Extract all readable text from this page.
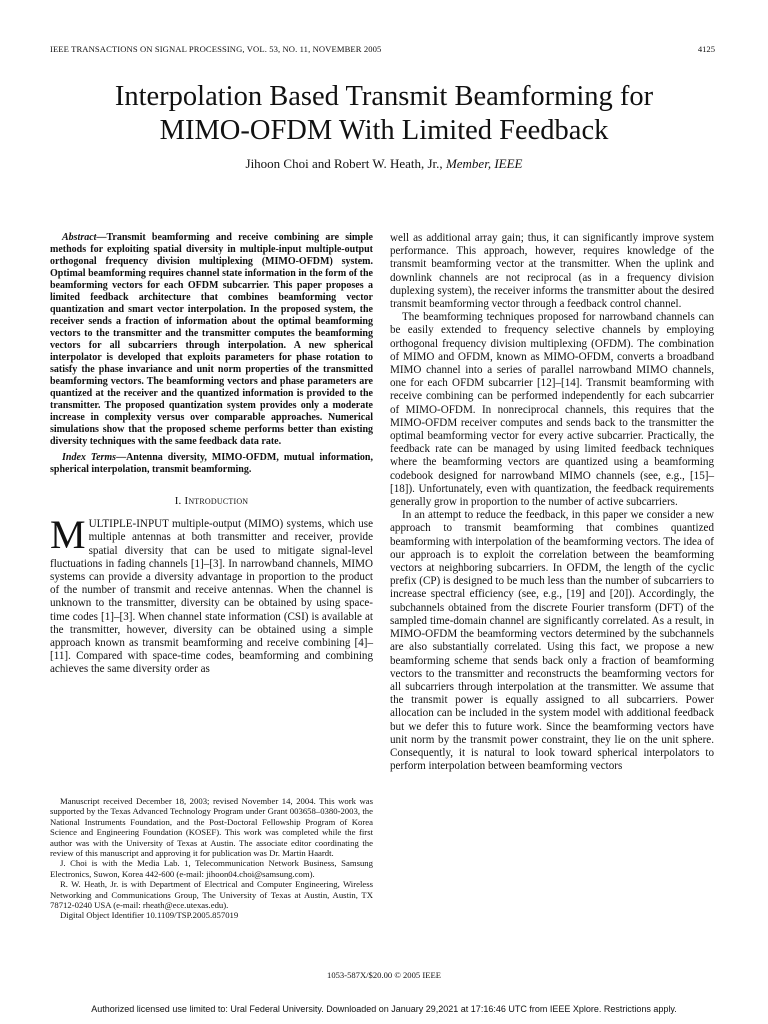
IEEE TRANSACTIONS ON SIGNAL PROCESSING, VOL. 53, NO. 11, NOVEMBER 2005	4125
Interpolation Based Transmit Beamforming for
MIMO-OFDM With Limited Feedback
Jihoon Choi and Robert W. Heath, Jr., Member, IEEE

Abstract—Transmit beamforming and receive combining are simple methods for exploiting spatial diversity in multiple-input multiple-output orthogonal frequency division multiplexing (MIMO-OFDM) system. Optimal beamforming requires channel state information in the form of the beamforming vectors for each OFDM subcarrier. This paper proposes a limited feedback architecture that combines beamforming vector quantization and smart vector interpolation. In the proposed system, the receiver sends a fraction of information about the optimal beamforming vectors to the transmitter and the transmitter computes the beamforming vectors for all subcarriers through interpolation. A new spherical interpolator is developed that exploits parameters for phase rotation to satisfy the phase invariance and unit norm properties of the transmitted beamforming vectors. The beamforming vectors and phase parameters are quantized at the receiver and the quantized information is provided to the transmitter. The proposed quantization system provides only a moderate increase in complexity versus over comparable approaches. Numerical simulations show that the proposed scheme performs better than existing diversity techniques with the same feedback data rate.

Index Terms—Antenna diversity, MIMO-OFDM, mutual information, spherical interpolation, transmit beamforming.

I. Introduction

MULTIPLE-INPUT multiple-output (MIMO) systems, which use multiple antennas at both transmitter and receiver, provide spatial diversity that can be used to mitigate signal-level fluctuations in fading channels [1]–[3]. In narrowband channels, MIMO systems can provide a diversity advantage in proportion to the product of the number of transmit and receive antennas. When the channel is unknown to the transmitter, diversity can be obtained by using space-time codes [1]–[3]. When channel state information (CSI) is available at the transmitter, however, diversity can be obtained using a simple approach known as transmit beamforming and receive combining [4]–[11]. Compared with space-time codes, beamforming and combining achieves the same diversity order as

well as additional array gain; thus, it can significantly improve system performance. This approach, however, requires knowledge of the transmit beamforming vector at the transmitter. When the uplink and downlink channels are not reciprocal (as in a frequency division duplexing system), the receiver informs the transmitter about the desired transmit beamforming vector through a feedback control channel.

The beamforming techniques proposed for narrowband channels can be easily extended to frequency selective channels by employing orthogonal frequency division multiplexing (OFDM). The combination of MIMO and OFDM, known as MIMO-OFDM, converts a broadband MIMO channel into a series of parallel narrowband MIMO channels, one for each OFDM subcarrier [12]–[14]. Transmit beamforming with receive combining can be performed independently for each subcarrier of MIMO-OFDM. In nonreciprocal channels, this requires that the MIMO-OFDM receiver computes and sends back to the transmitter the optimal beamforming vector for every active subcarrier. Practically, the feedback rate can be managed by using limited feedback techniques where the beamforming vectors are quantized using a beamforming codebook designed for narrowband MIMO channels (see, e.g., [15]–[18]). Unfortunately, even with quantization, the feedback requirements generally grow in proportion to the number of active subcarriers.

In an attempt to reduce the feedback, in this paper we consider a new approach to transmit beamforming that combines quantized beamforming with interpolation of the beamforming vectors. The idea of our approach is to exploit the correlation between the beamforming vectors at neighboring subcarriers. In OFDM, the length of the cyclic prefix (CP) is designed to be much less than the number of subcarriers to increase spectral efficiency (see, e.g., [19] and [20]). Accordingly, the subchannels obtained from the discrete Fourier transform (DFT) of the sampled time-domain channel are significantly correlated. As a result, in MIMO-OFDM the beamforming vectors determined by the subchannels are also substantially correlated. Using this fact, we propose a new beamforming scheme that sends back only a fraction of beamforming vectors to the transmitter and reconstructs the beamforming vectors for all subcarriers through interpolation at the transmitter. We assume that the transmit power is equally assigned to all subcarriers. Power allocation can be included in the system model with additional feedback but we defer this to future work. Since the beamforming vectors have unit norm by the transmit power constraint, they lie on the unit sphere. Consequently, it is natural to look toward spherical interpolators to perform interpolation between beamforming vectors

Manuscript received December 18, 2003; revised November 14, 2004. This work was supported by the Texas Advanced Technology Program under Grant 003658–0380-2003, the National Instruments Foundation, and the Post-Doctoral Fellowship Program of Korea Science and Engineering Foundation (KOSEF). This work was completed while the first author was with the University of Texas at Austin. The associate editor coordinating the review of this manuscript and approving it for publication was Dr. Martin Haardt.

J. Choi is with the Media Lab. 1, Telecommunication Network Business, Samsung Electronics, Suwon, Korea 442-600 (e-mail: jihoon04.choi@samsung.com).

R. W. Heath, Jr. is with Department of Electrical and Computer Engineering, Wireless Networking and Communications Group, The University of Texas at Austin, Austin, TX 78712-0240 USA (e-mail: rheath@ece.utexas.edu).

Digital Object Identifier 10.1109/TSP.2005.857019

1053-587X/$20.00 © 2005 IEEE
Authorized licensed use limited to: Ural Federal University. Downloaded on January 29,2021 at 17:16:46 UTC from IEEE Xplore. Restrictions apply.
